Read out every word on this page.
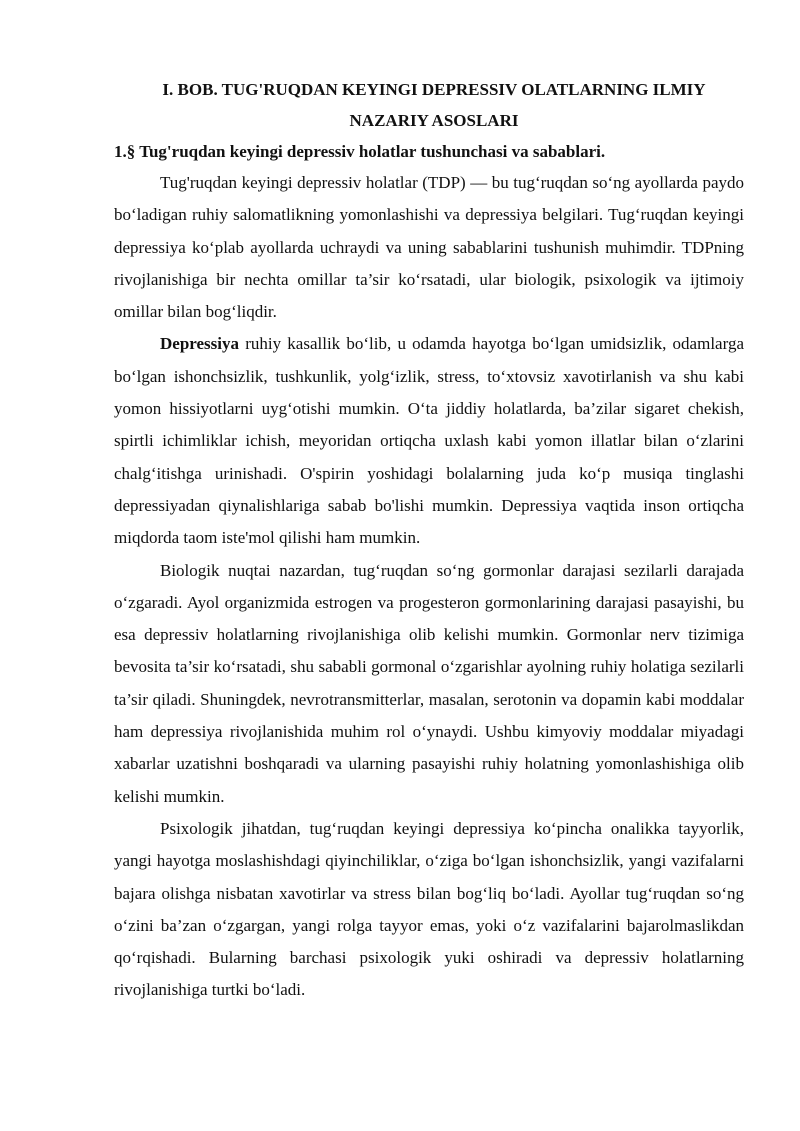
I. BOB. TUG'RUQDAN KEYINGI DEPRESSIV OLATLARNING ILMIY
NAZARIY ASOSLARI
1.§ Tug'ruqdan keyingi depressiv holatlar tushunchasi va sabablari.

Tug'ruqdan keyingi depressiv holatlar (TDP) — bu tug‘ruqdan so‘ng ayollarda paydo bo‘ladigan ruhiy salomatlikning yomonlashishi va depressiya belgilari. Tug‘ruqdan keyingi depressiya ko‘plab ayollarda uchraydi va uning sabablarini tushunish muhimdir. TDPning rivojlanishiga bir nechta omillar ta’sir ko‘rsatadi, ular biologik, psixologik va ijtimoiy omillar bilan bog‘liqdir.

Depressiya ruhiy kasallik bo‘lib, u odamda hayotga bo‘lgan umidsizlik, odamlarga bo‘lgan ishonchsizlik, tushkunlik, yolg‘izlik, stress, to‘xtovsiz xavotirlanish va shu kabi yomon hissiyotlarni uyg‘otishi mumkin. O‘ta jiddiy holatlarda, ba’zilar sigaret chekish, spirtli ichimliklar ichish, meyoridan ortiqcha uxlash kabi yomon illatlar bilan o‘zlarini chalg‘itishga urinishadi. O'spirin yoshidagi bolalarning juda ko‘p musiqa tinglashi depressiyadan qiynalishlariga sabab bo'lishi mumkin. Depressiya vaqtida inson ortiqcha miqdorda taom iste'mol qilishi ham mumkin.

Biologik nuqtai nazardan, tug‘ruqdan so‘ng gormonlar darajasi sezilarli darajada o‘zgaradi. Ayol organizmida estrogen va progesteron gormonlarining darajasi pasayishi, bu esa depressiv holatlarning rivojlanishiga olib kelishi mumkin. Gormonlar nerv tizimiga bevosita ta’sir ko‘rsatadi, shu sababli gormonal o‘zgarishlar ayolning ruhiy holatiga sezilarli ta’sir qiladi. Shuningdek, nevrotransmitterlar, masalan, serotonin va dopamin kabi moddalar ham depressiya rivojlanishida muhim rol o‘ynaydi. Ushbu kimyoviy moddalar miyadagi xabarlar uzatishni boshqaradi va ularning pasayishi ruhiy holatning yomonlashishiga olib kelishi mumkin.

Psixologik jihatdan, tug‘ruqdan keyingi depressiya ko‘pincha onalikka tayyorlik, yangi hayotga moslashishdagi qiyinchiliklar, o‘ziga bo‘lgan ishonchsizlik, yangi vazifalarni bajara olishga nisbatan xavotirlar va stress bilan bog‘liq bo‘ladi. Ayollar tug‘ruqdan so‘ng o‘zini ba’zan o‘zgargan, yangi rolga tayyor emas, yoki o‘z vazifalarini bajarolmaslikdan qo‘rqishadi. Bularning barchasi psixologik yuki oshiradi va depressiv holatlarning rivojlanishiga turtki bo‘ladi.
